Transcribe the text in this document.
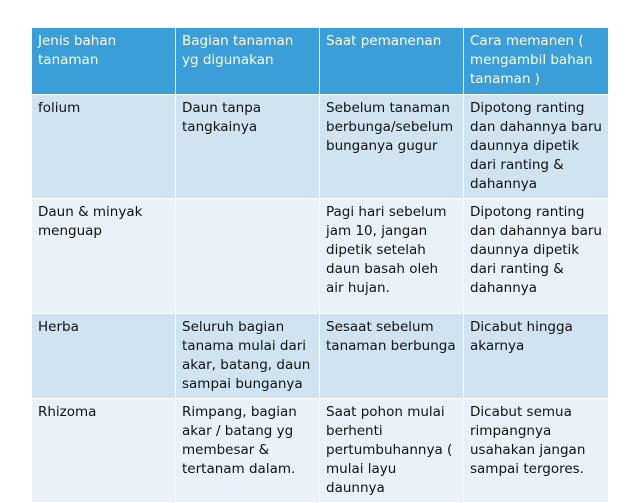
Jenis bahan tanaman	Bagian tanaman yg digunakan	Saat pemanenan	Cara memanen ( mengambil bahan tanaman )
folium	Daun tanpa tangkainya	Sebelum tanaman berbunga/sebelum bunganya gugur	Dipotong ranting dan dahannya baru daunnya dipetik dari ranting & dahannya
Daun & minyak menguap		Pagi hari sebelum jam 10, jangan dipetik setelah daun basah oleh air hujan.	Dipotong ranting dan dahannya baru daunnya dipetik dari ranting & dahannya
Herba	Seluruh bagian tanama mulai dari akar, batang, daun sampai bunganya	Sesaat sebelum tanaman berbunga	Dicabut hingga akarnya
Rhizoma	Rimpang, bagian akar / batang yg membesar & tertanam dalam.	Saat pohon mulai berhenti pertumbuhannya ( mulai layu daunnya	Dicabut semua rimpangnya usahakan jangan sampai tergores.
